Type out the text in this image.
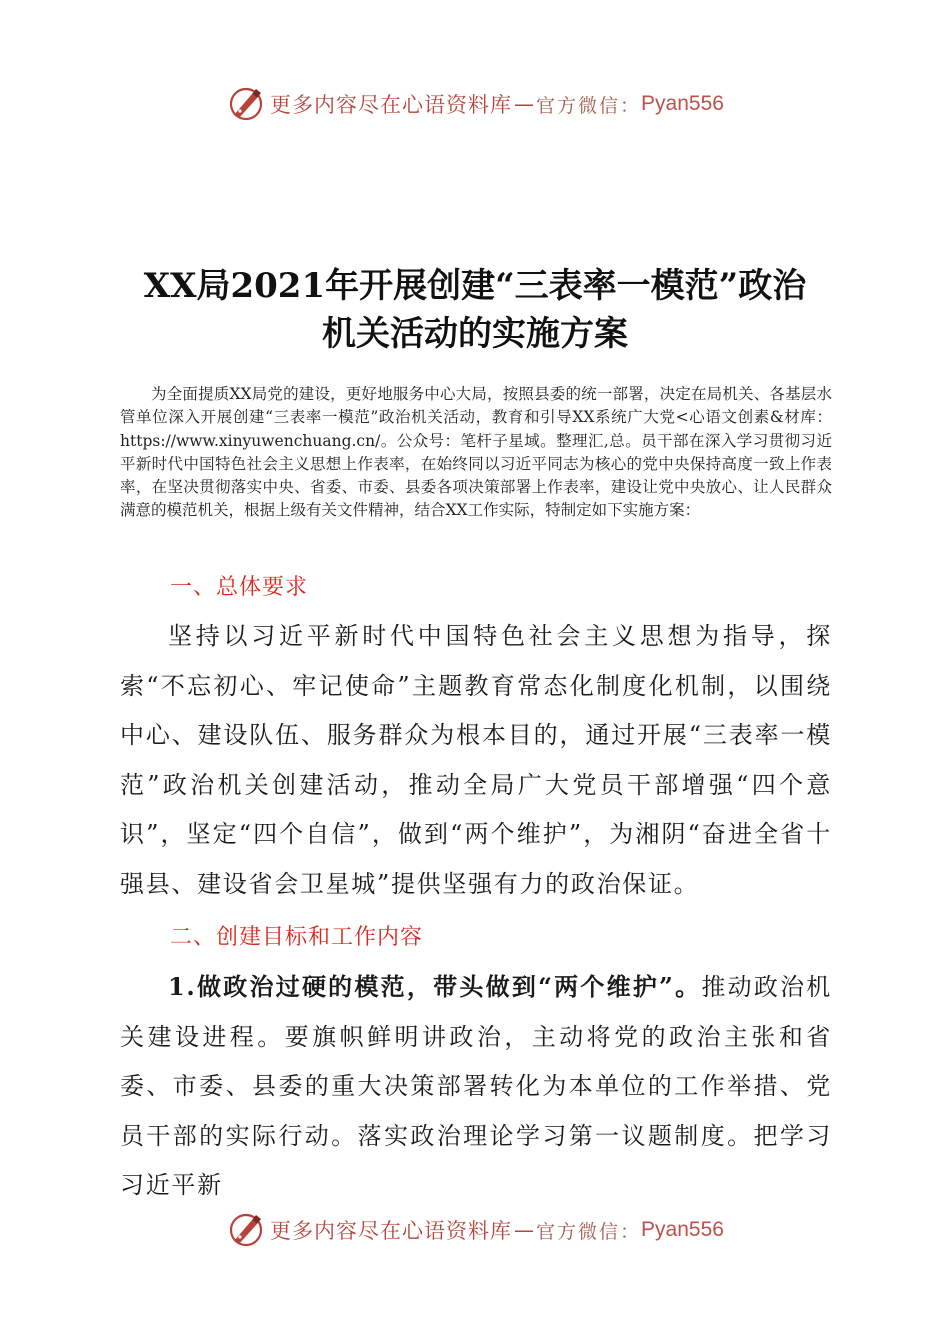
更多内容尽在心语资料库 — 官方微信： Pyan556
XX局2021年开展创建“三表率一模范”政治
机关活动的实施方案
为全面提质XX局党的建设，更好地服务中心大局，按照县委的统一部署，决定在局机关、各基层水管单位深入开展创建“三表率一模范”政治机关活动，教育和引导XX系统广大党<心语文创素&材库：https://www.xinyuwenchuang.cn/。公众号：笔杆子星域。整理汇,总。员干部在深入学习贯彻习近平新时代中国特色社会主义思想上作表率，在始终同以习近平同志为核心的党中央保持高度一致上作表率，在坚决贯彻落实中央、省委、市委、县委各项决策部署上作表率，建设让党中央放心、让人民群众满意的模范机关，根据上级有关文件精神，结合XX工作实际，特制定如下实施方案：
一、总体要求
坚持以习近平新时代中国特色社会主义思想为指导，探索“不忘初心、牢记使命”主题教育常态化制度化机制，以围绕中心、建设队伍、服务群众为根本目的，通过开展“三表率一模范”政治机关创建活动，推动全局广大党员干部增强“四个意识”，坚定“四个自信”，做到“两个维护”，为湘阴“奋进全省十强县、建设省会卫星城”提供坚强有力的政治保证。
二、创建目标和工作内容
1.做政治过硬的模范，带头做到“两个维护”。推动政治机关建设进程。要旗帜鲜明讲政治，主动将党的政治主张和省委、市委、县委的重大决策部署转化为本单位的工作举措、党员干部的实际行动。落实政治理论学习第一议题制度。把学习习近平新
更多内容尽在心语资料库 — 官方微信： Pyan556
